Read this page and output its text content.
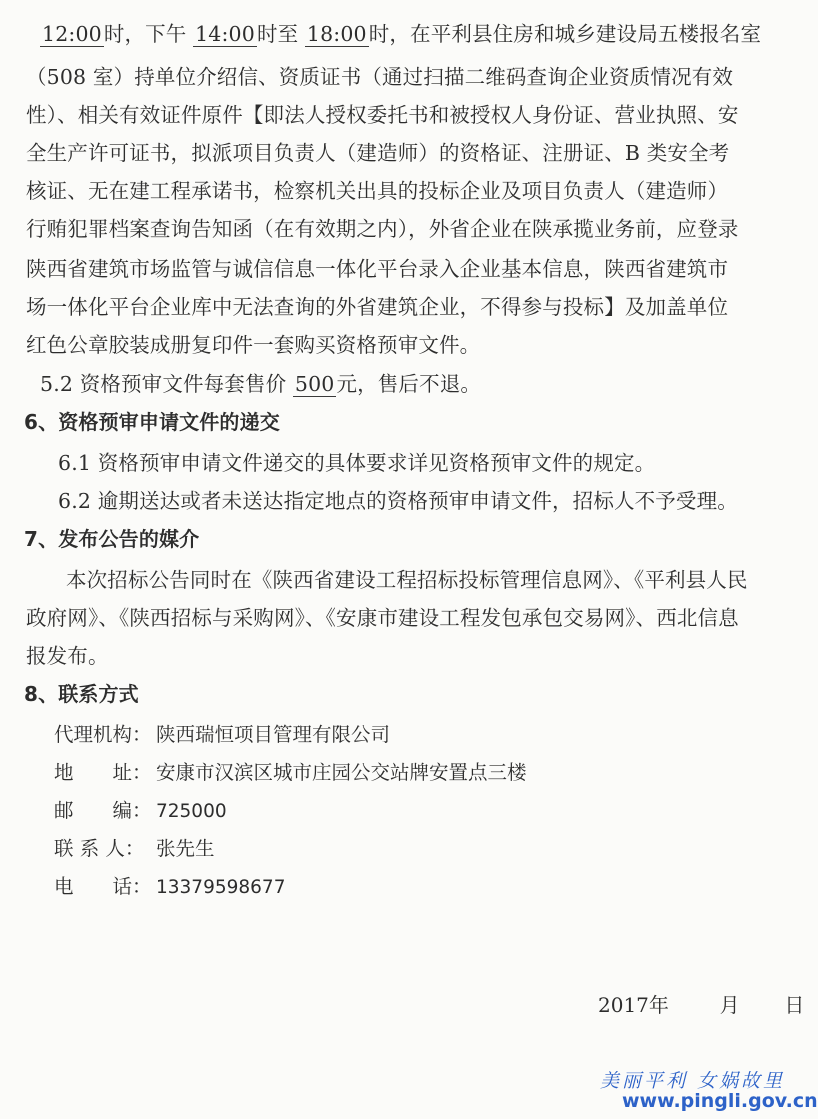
12:00时，下午 14:00时至 18:00时，在平利县住房和城乡建设局五楼报名室
（508 室）持单位介绍信、资质证书（通过扫描二维码查询企业资质情况有效
性）、相关有效证件原件【即法人授权委托书和被授权人身份证、营业执照、安
全生产许可证书，拟派项目负责人（建造师）的资格证、注册证、B 类安全考
核证、无在建工程承诺书，检察机关出具的投标企业及项目负责人（建造师）
行贿犯罪档案查询告知函（在有效期之内），外省企业在陕承揽业务前，应登录
陕西省建筑市场监管与诚信信息一体化平台录入企业基本信息，陕西省建筑市
场一体化平台企业库中无法查询的外省建筑企业，不得参与投标】及加盖单位
红色公章胶装成册复印件一套购买资格预审文件。
5.2 资格预审文件每套售价 500元，售后不退。
6、资格预审申请文件的递交
6.1 资格预审申请文件递交的具体要求详见资格预审文件的规定。
6.2 逾期送达或者未送达指定地点的资格预审申请文件，招标人不予受理。
7、发布公告的媒介
本次招标公告同时在《陕西省建设工程招标投标管理信息网》、《平利县人民
政府网》、《陕西招标与采购网》、《安康市建设工程发包承包交易网》、西北信息
报发布。
8、联系方式
代理机构： 陕西瑞恒项目管理有限公司
地　　址： 安康市汉滨区城市庄园公交站牌安置点三楼
邮　　编： 725000
联 系 人： 张先生
电　　话： 13379598677
2017年	月 日
美丽平利 女娲故里
www.pingli.gov.cn
